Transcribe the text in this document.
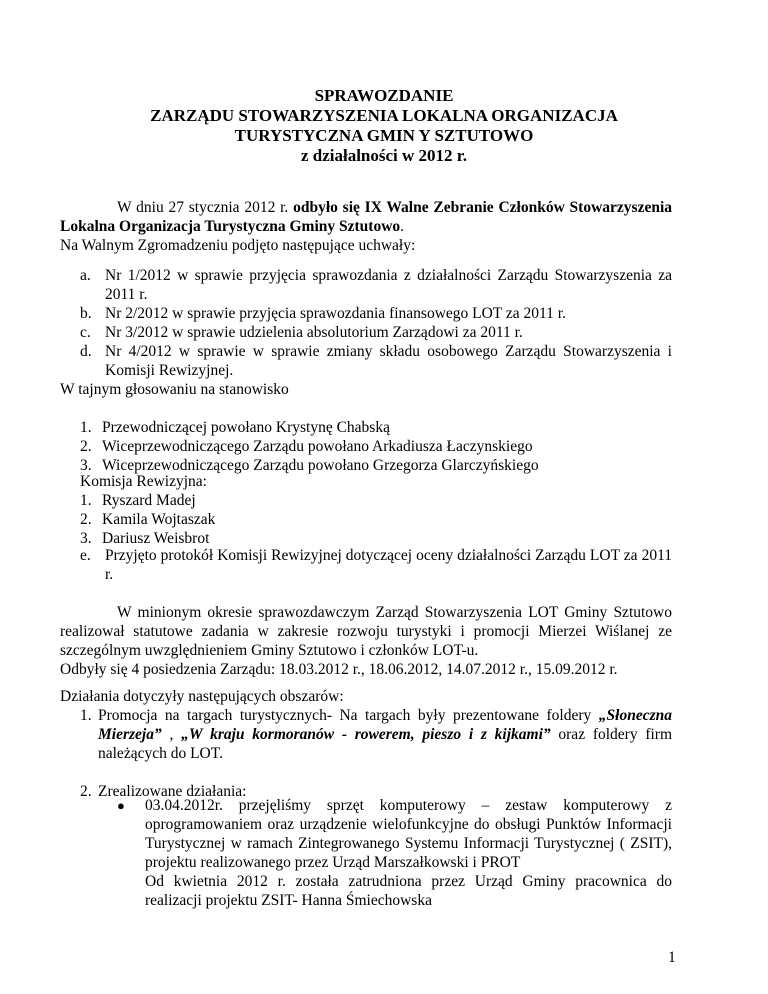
SPRAWOZDANIE
ZARZĄDU STOWARZYSZENIA LOKALNA ORGANIZACJA
TURYSTYCZNA GMIN Y SZTUTOWO
z działalności w 2012 r.
W dniu 27 stycznia 2012 r. odbyło się IX Walne Zebranie Członków Stowarzyszenia Lokalna Organizacja Turystyczna Gminy Sztutowo.
Na Walnym Zgromadzeniu podjęto następujące uchwały:
a. Nr 1/2012 w sprawie przyjęcia sprawozdania z działalności Zarządu Stowarzyszenia za 2011 r.
b. Nr 2/2012 w sprawie przyjęcia sprawozdania finansowego LOT za 2011 r.
c. Nr 3/2012 w sprawie udzielenia absolutorium Zarządowi za 2011 r.
d. Nr 4/2012 w sprawie w sprawie zmiany składu osobowego Zarządu Stowarzyszenia i Komisji Rewizyjnej.
W tajnym głosowaniu na stanowisko
1. Przewodniczącej powołano Krystynę Chabską
2. Wiceprzewodniczącego Zarządu powołano Arkadiusza Łaczynskiego
3. Wiceprzewodniczącego Zarządu powołano Grzegorza Glarczyńskiego
Komisja Rewizyjna:
1. Ryszard Madej
2. Kamila Wojtaszak
3. Dariusz Weisbrot
e. Przyjęto protokół Komisji Rewizyjnej dotyczącej oceny działalności Zarządu LOT za 2011 r.
W minionym okresie sprawozdawczym Zarząd Stowarzyszenia LOT Gminy Sztutowo realizował statutowe zadania w zakresie rozwoju turystyki i promocji Mierzei Wiślanej ze szczególnym uwzględnieniem Gminy Sztutowo i członków LOT-u.
Odbyły się 4 posiedzenia Zarządu: 18.03.2012 r., 18.06.2012, 14.07.2012 r., 15.09.2012 r.
Działania dotyczyły następujących obszarów:
1. Promocja na targach turystycznych- Na targach były prezentowane foldery „Słoneczna Mierzeja” , „W kraju kormoranów - rowerem, pieszo i z kijkami” oraz foldery firm należących do LOT.
2. Zrealizowane działania:
● 03.04.2012r. przejęliśmy sprzęt komputerowy – zestaw komputerowy z oprogramowaniem oraz urządzenie wielofunkcyjne do obsługi Punktów Informacji Turystycznej w ramach Zintegrowanego Systemu Informacji Turystycznej ( ZSIT), projektu realizowanego przez Urząd Marszałkowski i PROT
Od kwietnia 2012 r. została zatrudniona przez Urząd Gminy pracownica do realizacji projektu ZSIT- Hanna Śmiechowska
1
